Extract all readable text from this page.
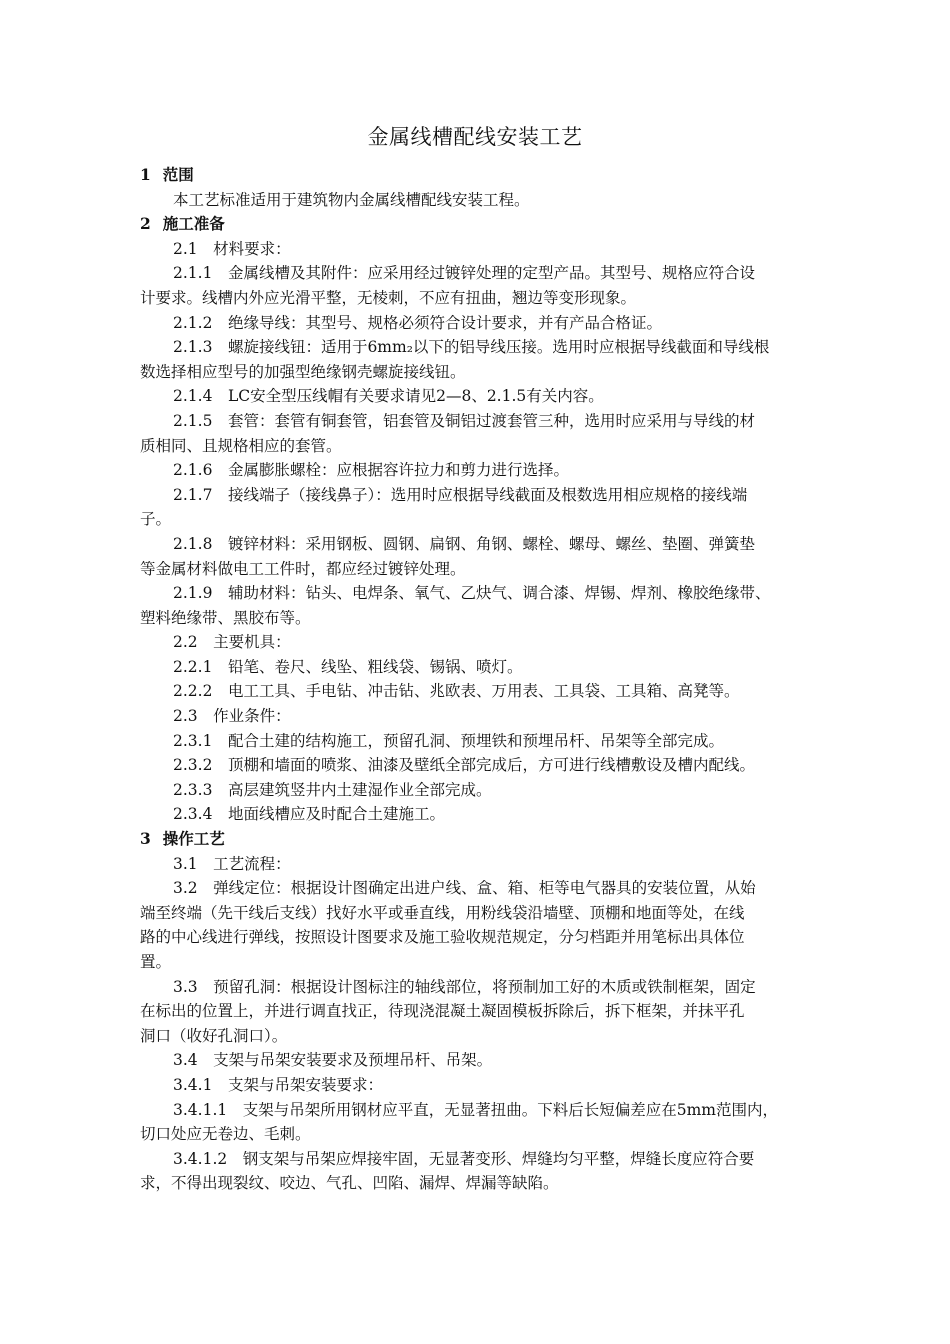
金属线槽配线安装工艺
1 范围
本工艺标准适用于建筑物内金属线槽配线安装工程。
2 施工准备
2.1　材料要求：
2.1.1　金属线槽及其附件：应采用经过镀锌处理的定型产品。其型号、规格应符合设
计要求。线槽内外应光滑平整，无棱刺，不应有扭曲，翘边等变形现象。
2.1.2　绝缘导线：其型号、规格必须符合设计要求，并有产品合格证。
2.1.3　螺旋接线钮：适用于6mm₂以下的铝导线压接。选用时应根据导线截面和导线根
数选择相应型号的加强型绝缘钢壳螺旋接线钮。
2.1.4　LC安全型压线帽有关要求请见2—8、2.1.5有关内容。
2.1.5　套管：套管有铜套管，铝套管及铜铝过渡套管三种，选用时应采用与导线的材
质相同、且规格相应的套管。
2.1.6　金属膨胀螺栓：应根据容许拉力和剪力进行选择。
2.1.7　接线端子（接线鼻子）：选用时应根据导线截面及根数选用相应规格的接线端
子。
2.1.8　镀锌材料：采用钢板、圆钢、扁钢、角钢、螺栓、螺母、螺丝、垫圈、弹簧垫
等金属材料做电工工件时，都应经过镀锌处理。
2.1.9　辅助材料：钻头、电焊条、氧气、乙炔气、调合漆、焊锡、焊剂、橡胶绝缘带、
塑料绝缘带、黑胶布等。
2.2　主要机具：
2.2.1　铅笔、卷尺、线坠、粗线袋、锡锅、喷灯。
2.2.2　电工工具、手电钻、冲击钻、兆欧表、万用表、工具袋、工具箱、高凳等。
2.3　作业条件：
2.3.1　配合土建的结构施工，预留孔洞、预埋铁和预埋吊杆、吊架等全部完成。
2.3.2　顶棚和墙面的喷浆、油漆及壁纸全部完成后，方可进行线槽敷设及槽内配线。
2.3.3　高层建筑竖井内土建湿作业全部完成。
2.3.4　地面线槽应及时配合土建施工。
3 操作工艺
3.1　工艺流程：
3.2　弹线定位：根据设计图确定出进户线、盒、箱、柜等电气器具的安装位置，从始
端至终端（先干线后支线）找好水平或垂直线，用粉线袋沿墙壁、顶棚和地面等处，在线
路的中心线进行弹线，按照设计图要求及施工验收规范规定，分匀档距并用笔标出具体位
置。
3.3　预留孔洞：根据设计图标注的轴线部位，将预制加工好的木质或铁制框架，固定
在标出的位置上，并进行调直找正，待现浇混凝土凝固模板拆除后，拆下框架，并抹平孔
洞口（收好孔洞口）。
3.4　支架与吊架安装要求及预埋吊杆、吊架。
3.4.1　支架与吊架安装要求：
3.4.1.1　支架与吊架所用钢材应平直，无显著扭曲。下料后长短偏差应在5mm范围内，
切口处应无卷边、毛刺。
3.4.1.2　钢支架与吊架应焊接牢固，无显著变形、焊缝均匀平整，焊缝长度应符合要
求，不得出现裂纹、咬边、气孔、凹陷、漏焊、焊漏等缺陷。
